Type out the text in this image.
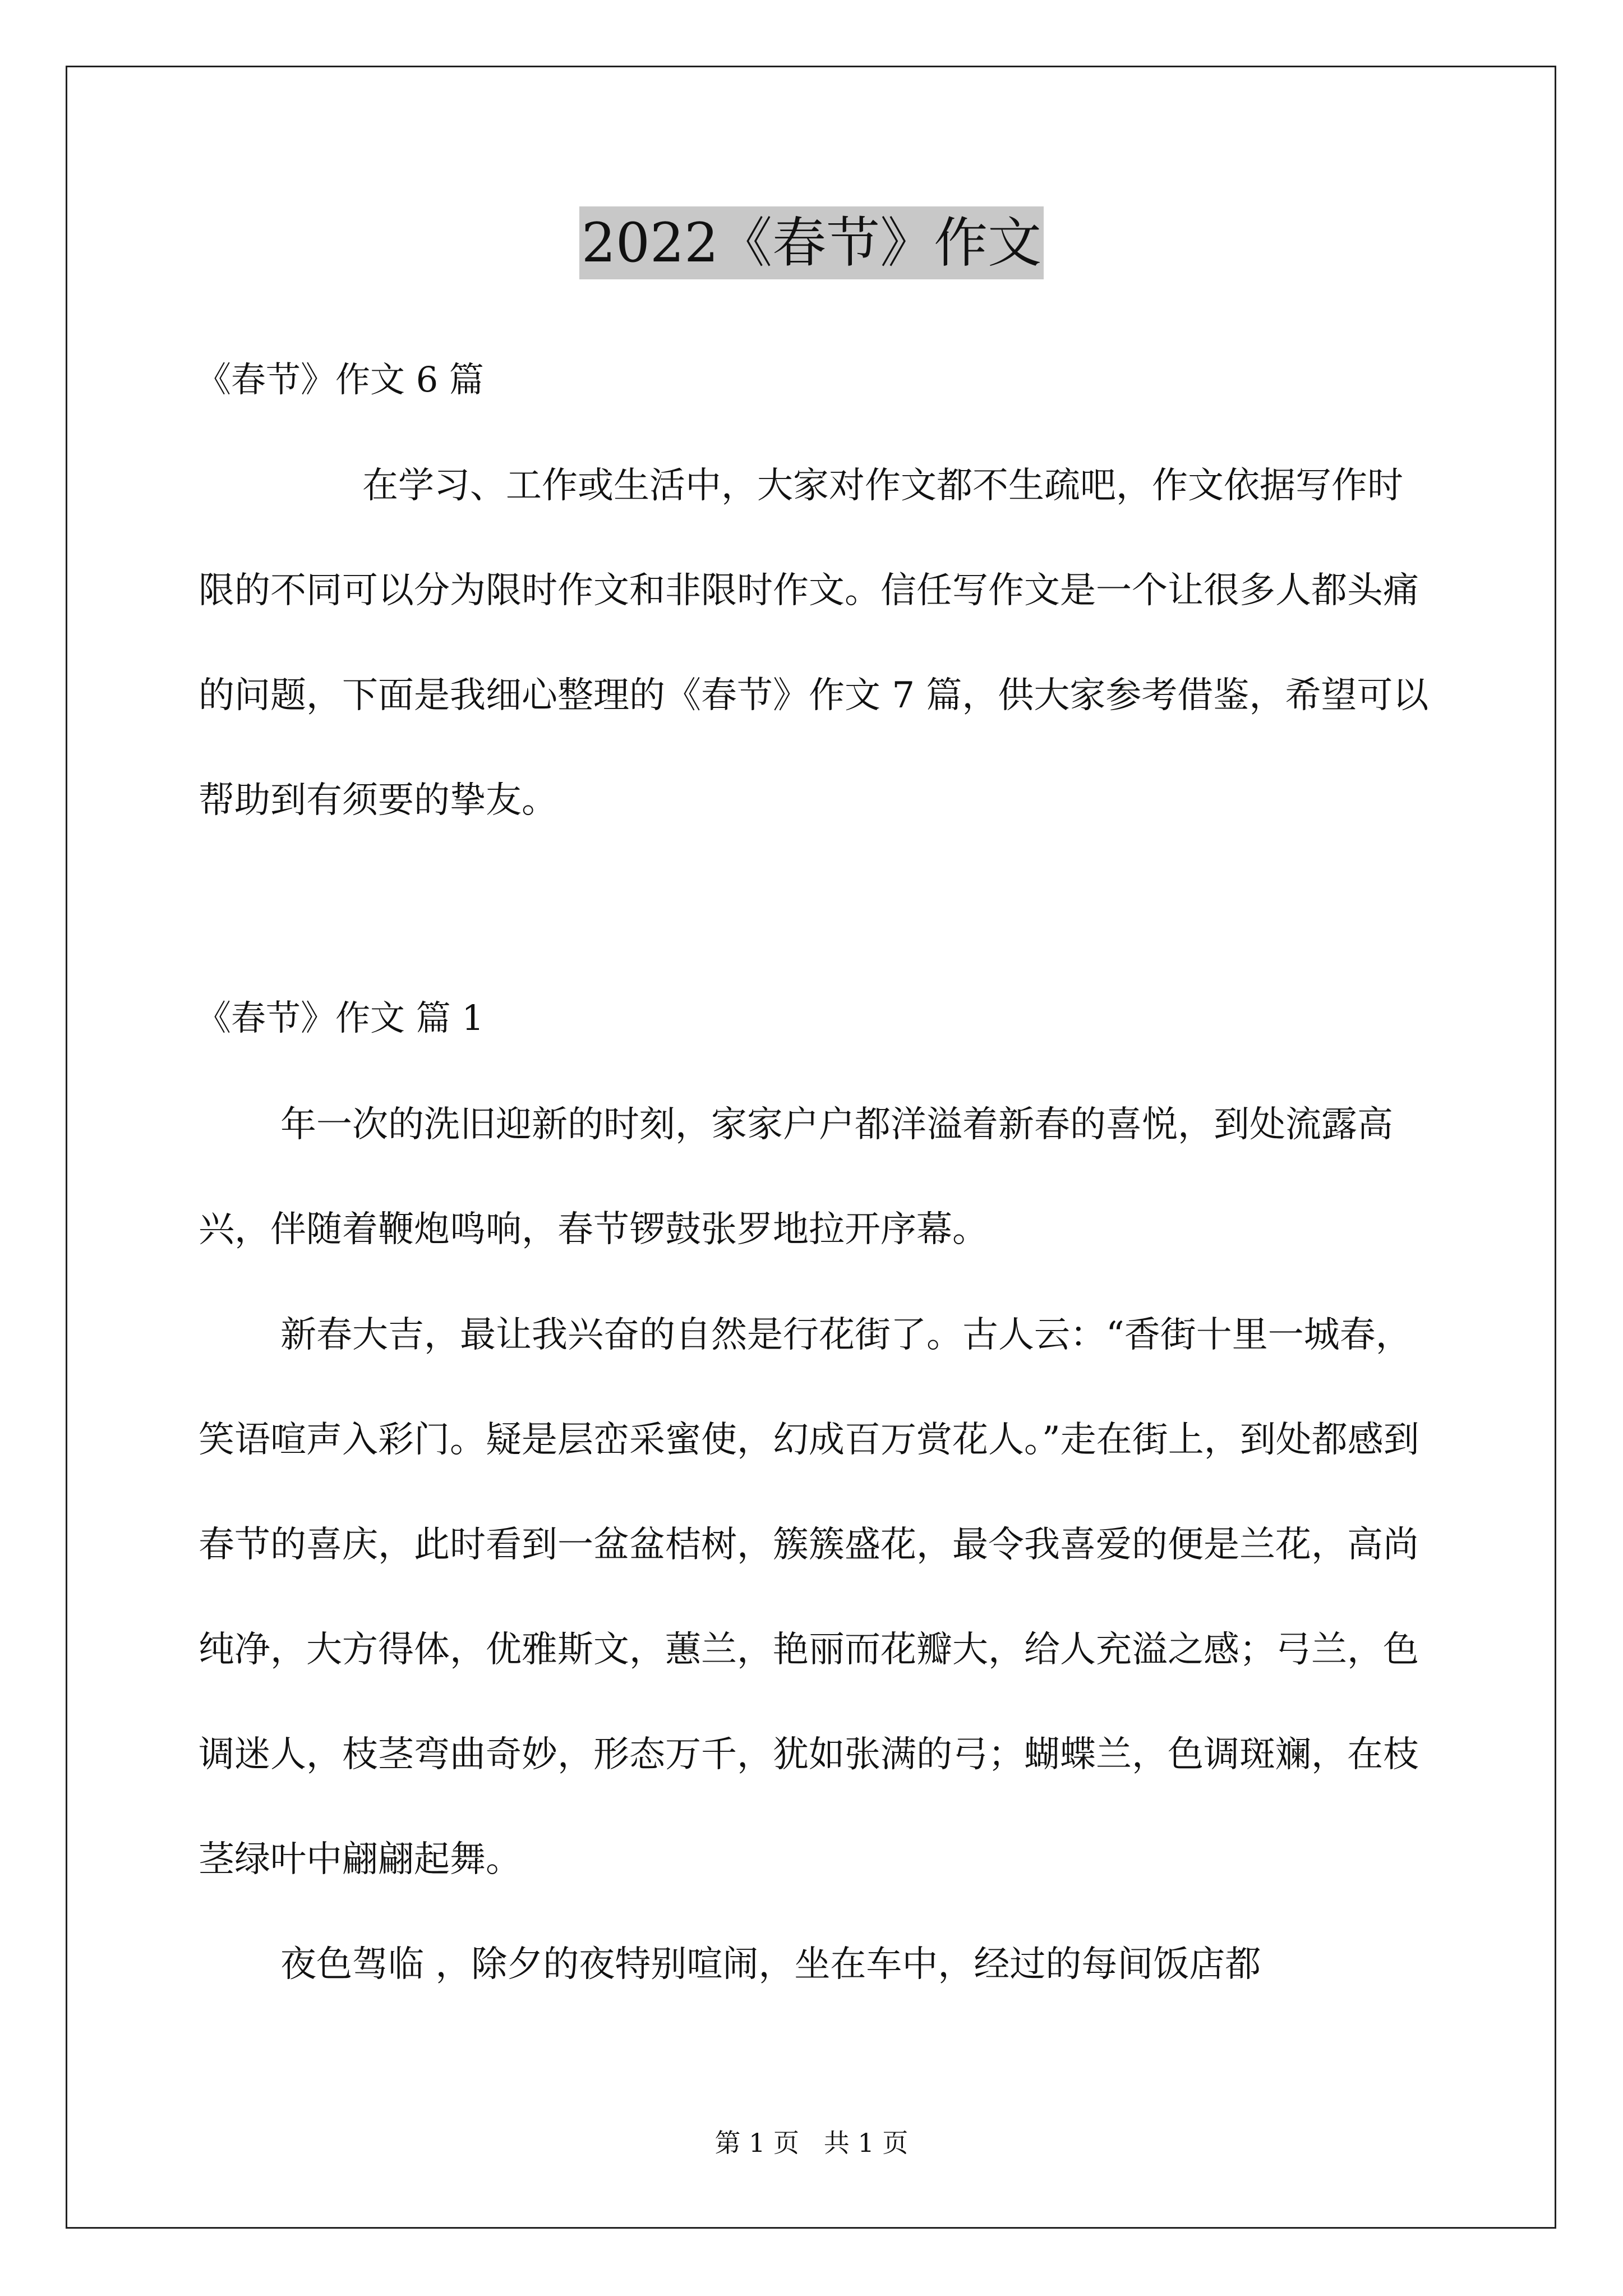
2022《春节》作文
《春节》作文 6 篇
在学习、工作或生活中，大家对作文都不生疏吧，作文依据写作时限的不同可以分为限时作文和非限时作文。信任写作文是一个让很多人都头痛的问题，下面是我细心整理的《春节》作文 7 篇，供大家参考借鉴，希望可以帮助到有须要的挚友。
《春节》作文 篇 1
年一次的洗旧迎新的时刻，家家户户都洋溢着新春的喜悦，到处流露高兴，伴随着鞭炮鸣响，春节锣鼓张罗地拉开序幕。
新春大吉，最让我兴奋的自然是行花街了。古人云：“香街十里一城春，笑语喧声入彩门。疑是层峦采蜜使，幻成百万赏花人。”走在街上，到处都感到春节的喜庆，此时看到一盆盆桔树，簇簇盛花，最令我喜爱的便是兰花，高尚纯净，大方得体，优雅斯文，蕙兰，艳丽而花瓣大，给人充溢之感；弓兰，色调迷人，枝茎弯曲奇妙，形态万千，犹如张满的弓；蝴蝶兰，色调斑斓，在枝茎绿叶中翩翩起舞。
夜色驾临 ，除夕的夜特别喧闹，坐在车中，经过的每间饭店都
第 1 页   共 1 页
